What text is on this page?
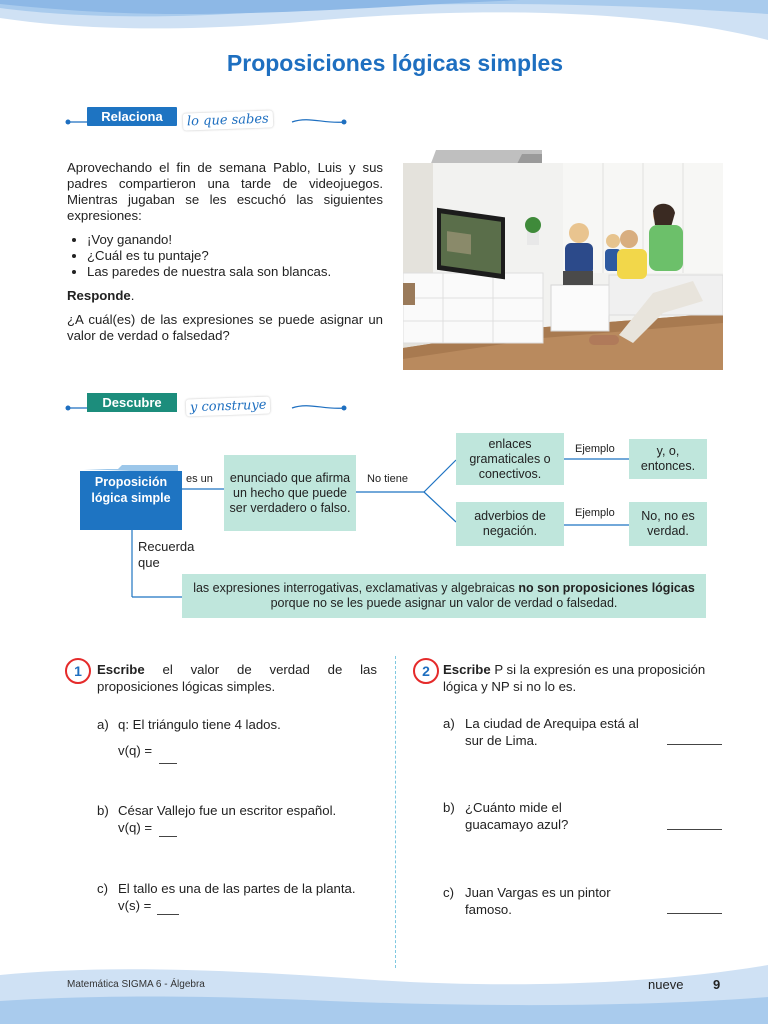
Proposiciones lógicas simples
Relaciona	lo que sabes

Aprovechando el fin de semana Pablo, Luis y sus padres compartieron una tarde de videojuegos. Mientras jugaban se les escuchó las siguientes expresiones:

• ¡Voy ganando!
• ¿Cuál es tu puntaje?
• Las paredes de nuestra sala son blancas.

Responde.

¿A cuál(es) de las expresiones se puede asignar un valor de verdad o falsedad?

Descubre	y construye
Proposición lógica simple
es un	enunciado que afirma un hecho que puede ser verdadero o falso.
No tiene
enlaces gramaticales o conectivos.
Ejemplo	y, o, entonces.
adverbios de negación.
Ejemplo	No, no es verdad.
Recuerda que
las expresiones interrogativas, exclamativas y algebraicas no son proposiciones lógicas porque no se les puede asignar un valor de verdad o falsedad.
1	Escribe el valor de verdad de las proposiciones lógicas simples.
a) q: El triángulo tiene 4 lados.
v(q) =
b) César Vallejo fue un escritor español.
v(q) =
c) El tallo es una de las partes de la planta.
v(s) =
2 Escribe P si la expresión es una proposición lógica y NP si no lo es.
a) La ciudad de Arequipa está al sur de Lima.
b) ¿Cuánto mide el guacamayo azul?
c) Juan Vargas es un pintor famoso.
Matemática SIGMA 6 - Álgebra	nueve 9
